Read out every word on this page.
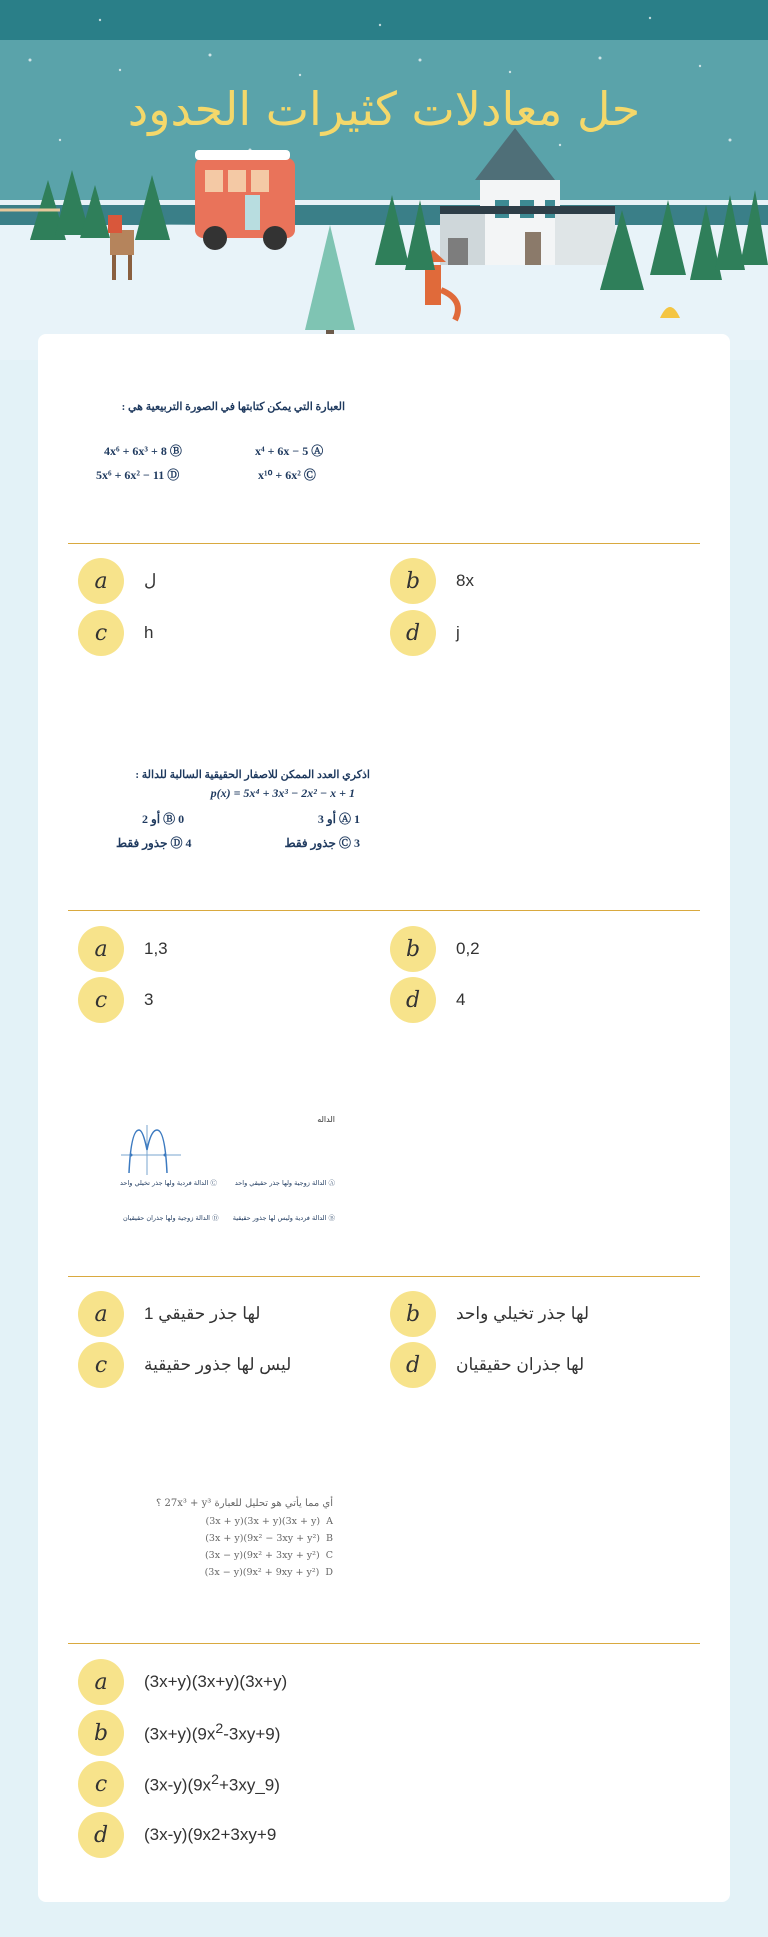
حل معادلات كثيرات الحدود
العبارة التي يمكن كتابتها في الصورة التربيعية هي :
x⁴ + 6x − 5 Ⓐ
4x⁶ + 6x³ + 8 Ⓑ
x¹⁰ + 6x² Ⓒ
5x⁶ + 6x² − 11 Ⓓ
a	ل	b	8x
c	h	d	j
اذكري العدد الممكن للاصفار الحقيقية السالبة للدالة :
p(x) = 5x⁴ + 3x³ − 2x² − x + 1
Ⓐ 1 أو 3
Ⓑ 0 أو 2
Ⓒ 3 جذور فقط
Ⓓ 4 جذور فقط
a	1,3	b	0,2
c	3	d	4
الداله
Ⓐ الدالة زوجية ولها جذر حقيقي واحد
Ⓒ الدالة فردية ولها جذر تخيلي واحد
Ⓑ الدالة فردية وليس لها جذور حقيقية
Ⓓ الدالة زوجية ولها جذران حقيقيان
a	لها جذر حقيقي 1	b	لها جذر تخيلي واحد
c	ليس لها جذور حقيقية	d	لها جذران حقيقيان
أي مما يأتي هو تحليل للعبارة 27x³ + y³ ؟
(3x + y)(3x + y)(3x + y)  A
(3x + y)(9x² − 3xy + y²)  B
(3x − y)(9x² + 3xy + y²)  C
(3x − y)(9x² + 9xy + y²)  D
a	(3x+y)(3x+y)(3x+y)
b	$(3x+y)(9x^2-3xy+9)$
c	$(3x-y)(9x^2+3xy\_9)$
d	(3x-y)(9x2+3xy+9
